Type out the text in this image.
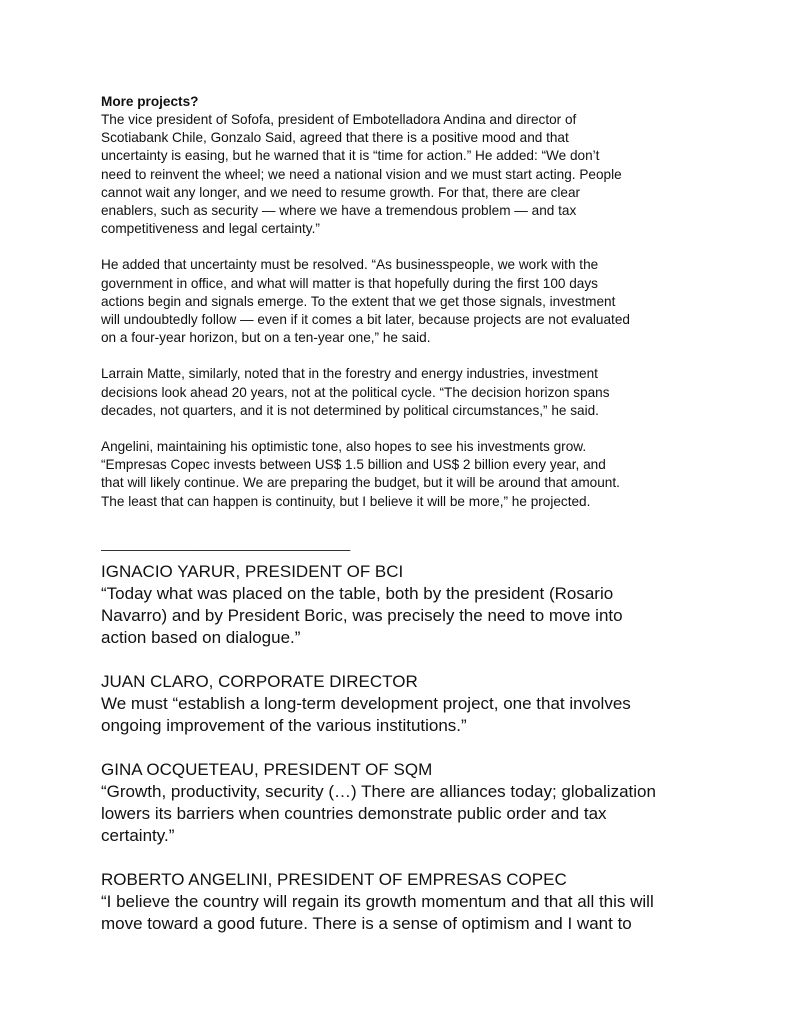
More projects?

The vice president of Sofofa, president of Embotelladora Andina and director of
Scotiabank Chile, Gonzalo Said, agreed that there is a positive mood and that
uncertainty is easing, but he warned that it is “time for action.” He added: “We don’t
need to reinvent the wheel; we need a national vision and we must start acting. People
cannot wait any longer, and we need to resume growth. For that, there are clear
enablers, such as security — where we have a tremendous problem — and tax
competitiveness and legal certainty.”

He added that uncertainty must be resolved. “As businesspeople, we work with the
government in office, and what will matter is that hopefully during the first 100 days
actions begin and signals emerge. To the extent that we get those signals, investment
will undoubtedly follow — even if it comes a bit later, because projects are not evaluated
on a four-year horizon, but on a ten-year one,” he said.

Larrain Matte, similarly, noted that in the forestry and energy industries, investment
decisions look ahead 20 years, not at the political cycle. “The decision horizon spans
decades, not quarters, and it is not determined by political circumstances,” he said.

Angelini, maintaining his optimistic tone, also hopes to see his investments grow.
“Empresas Copec invests between US$ 1.5 billion and US$ 2 billion every year, and
that will likely continue. We are preparing the budget, but it will be around that amount.
The least that can happen is continuity, but I believe it will be more,” he projected.

———————————————————

IGNACIO YARUR, PRESIDENT OF BCI

“Today what was placed on the table, both by the president (Rosario
Navarro) and by President Boric, was precisely the need to move into
action based on dialogue.”

JUAN CLARO, CORPORATE DIRECTOR

We must “establish a long-term development project, one that involves
ongoing improvement of the various institutions.”

GINA OCQUETEAU, PRESIDENT OF SQM

“Growth, productivity, security (…) There are alliances today; globalization
lowers its barriers when countries demonstrate public order and tax
certainty.”

ROBERTO ANGELINI, PRESIDENT OF EMPRESAS COPEC

“I believe the country will regain its growth momentum and that all this will
move toward a good future. There is a sense of optimism and I want to
